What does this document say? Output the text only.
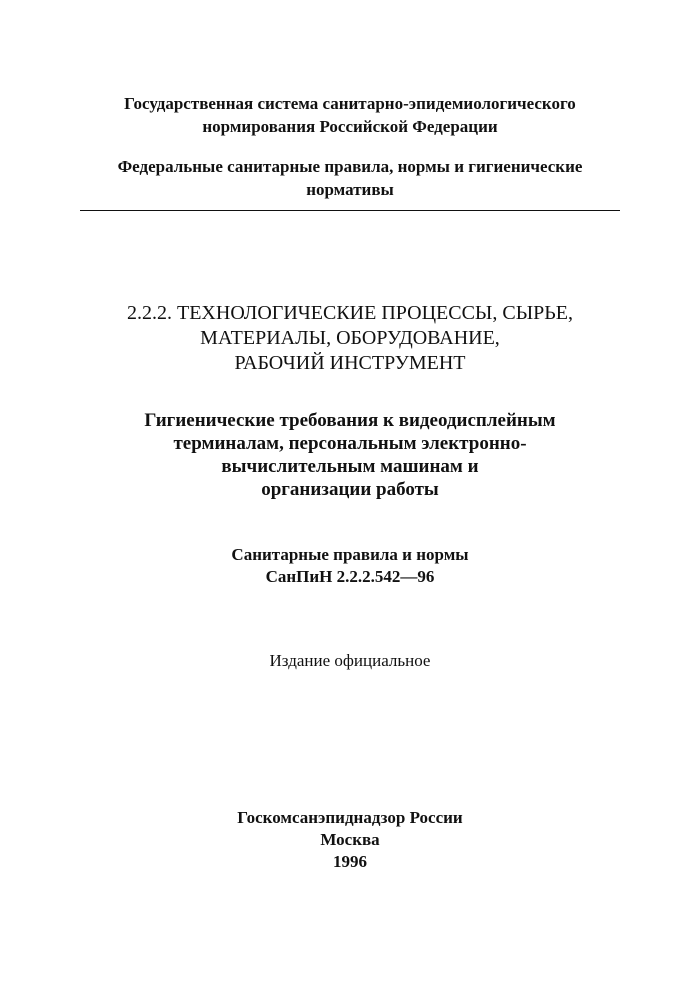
Государственная система санитарно-эпидемиологического
нормирования Российской Федерации
Федеральные санитарные правила, нормы и гигиенические
нормативы
2.2.2. ТЕХНОЛОГИЧЕСКИЕ ПРОЦЕССЫ, СЫРЬЕ,
МАТЕРИАЛЫ, ОБОРУДОВАНИЕ,
РАБОЧИЙ ИНСТРУМЕНТ
Гигиенические требования к видеодисплейным
терминалам, персональным электронно-
вычислительным машинам и
организации работы
Санитарные правила и нормы
СанПиН 2.2.2.542—96
Издание официальное
Госкомсанэпиднадзор России
Москва
1996
